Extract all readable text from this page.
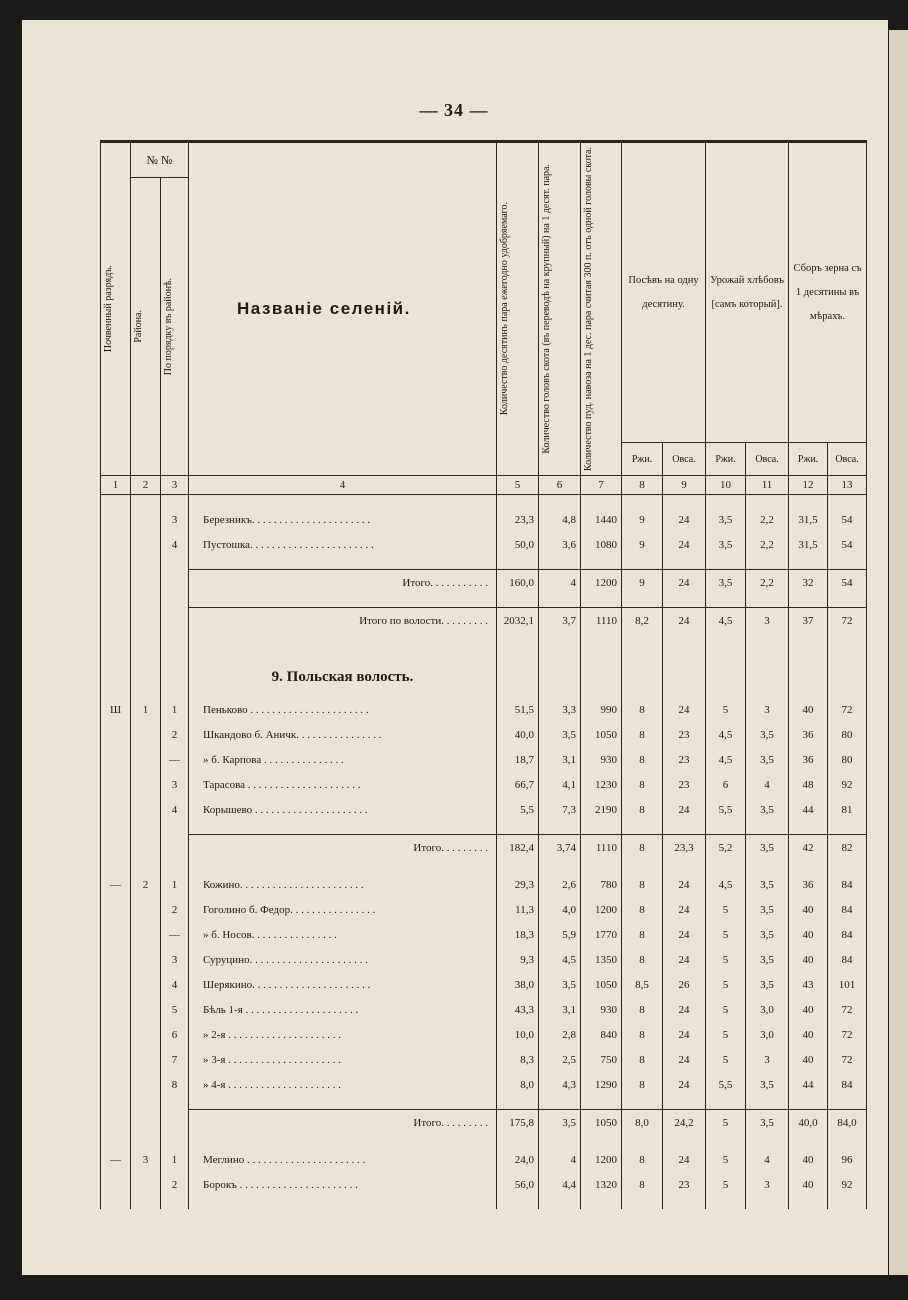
— 34 —
Почвенный разрядъ.	№ №		Названіе селеній.	Количество десятинъ пара ежегодно удобряемаго.	Количество головъ скота (въ переводѣ на крупный) на 1 десят. пара.	Количество пуд. навоза на 1 дес. пара считая 300 п. отъ одной головы скота.	Посѣвъ на одну десятину.		Урожай хлѣбовъ [самъ который].		Сборъ зерна съ 1 десятины въ мѣрахъ.	

	Района.	По порядку въ районѣ.										

							Ржи.	Овса.	Ржи.	Овса.	Ржи.	Овса.
1	2	3	4	5	6	7	8	9	10	11	12	13

		3	Березникъ. . . . . . . . . . . . . . . . . . . . . .	23,3	4,8	1440	9	24	3,5	2,2	31,5	54
		4	Пустошка. . . . . . . . . . . . . . . . . . . . . . .	50,0	3,6	1080	9	24	3,5	2,2	31,5	54

			Итого. . . . . . . . . . .	160,0	4	1200	9	24	3,5	2,2	32	54

			Итого по волости. . . . . . . . .	2032,1	3,7	1110	8,2	24	4,5	3	37	72

			9. Польская волость.									
Ш	1	1	Пеньково . . . . . . . . . . . . . . . . . . . . . .	51,5	3,3	990	8	24	5	3	40	72
		2	Шкандово б. Аничк. . . . . . . . . . . . . . . .	40,0	3,5	1050	8	23	4,5	3,5	36	80
		—	» б. Карпова . . . . . . . . . . . . . . .	18,7	3,1	930	8	23	4,5	3,5	36	80
		3	Тарасова . . . . . . . . . . . . . . . . . . . . .	66,7	4,1	1230	8	23	6	4	48	92
		4	Корышево . . . . . . . . . . . . . . . . . . . . .	5,5	7,3	2190	8	24	5,5	3,5	44	81

			Итого. . . . . . . . .	182,4	3,74	1110	8	23,3	5,2	3,5	42	82

—	2	1	Кожино. . . . . . . . . . . . . . . . . . . . . . .	29,3	2,6	780	8	24	4,5	3,5	36	84
		2	Гоголино б. Федор. . . . . . . . . . . . . . . .	11,3	4,0	1200	8	24	5	3,5	40	84
		—	» б. Носов. . . . . . . . . . . . . . . .	18,3	5,9	1770	8	24	5	3,5	40	84
		3	Суруцино. . . . . . . . . . . . . . . . . . . . . .	9,3	4,5	1350	8	24	5	3,5	40	84
		4	Шерякино. . . . . . . . . . . . . . . . . . . . . .	38,0	3,5	1050	8,5	26	5	3,5	43	101
		5	Бѣль 1-я . . . . . . . . . . . . . . . . . . . . .	43,3	3,1	930	8	24	5	3,0	40	72
		6	» 2-я . . . . . . . . . . . . . . . . . . . . .	10,0	2,8	840	8	24	5	3,0	40	72
		7	» 3-я . . . . . . . . . . . . . . . . . . . . .	8,3	2,5	750	8	24	5	3	40	72
		8	» 4-я . . . . . . . . . . . . . . . . . . . . .	8,0	4,3	1290	8	24	5,5	3,5	44	84

			Итого. . . . . . . . .	175,8	3,5	1050	8,0	24,2	5	3,5	40,0	84,0

—	3	1	Меглино . . . . . . . . . . . . . . . . . . . . . .	24,0	4	1200	8	24	5	4	40	96
		2	Борокъ . . . . . . . . . . . . . . . . . . . . . .	56,0	4,4	1320	8	23	5	3	40	92
